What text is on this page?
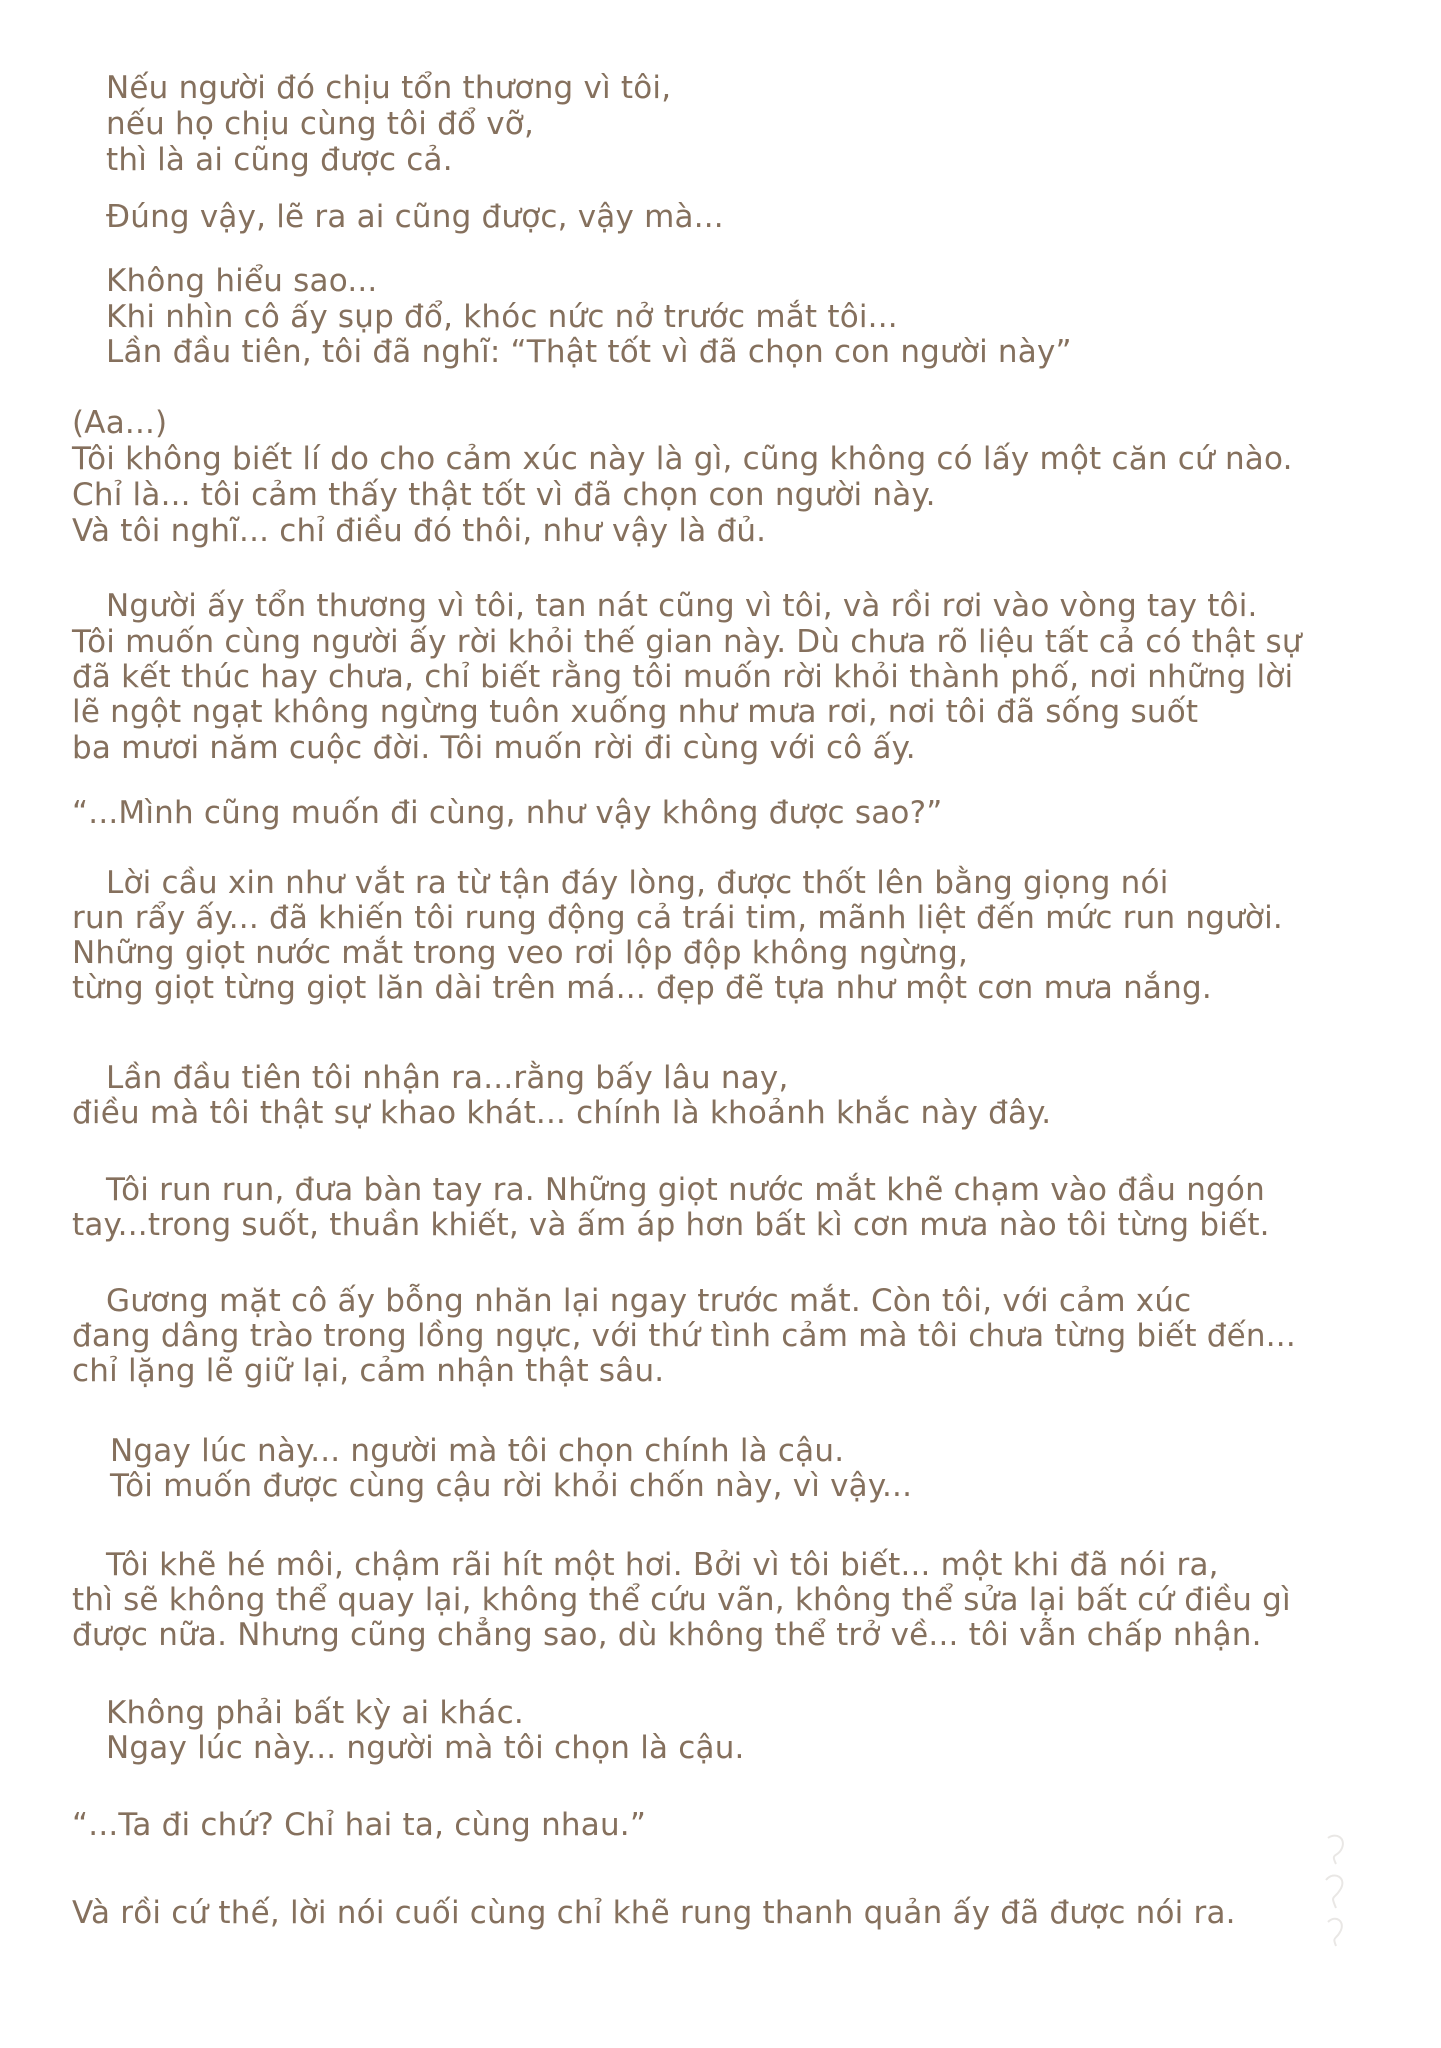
Nếu người đó chịu tổn thương vì tôi,

nếu họ chịu cùng tôi đổ vỡ,

thì là ai cũng được cả.

Đúng vậy, lẽ ra ai cũng được, vậy mà...

Không hiểu sao...

Khi nhìn cô ấy sụp đổ, khóc nức nở trước mắt tôi...

Lần đầu tiên, tôi đã nghĩ: “Thật tốt vì đã chọn con người này”

(Aa...)

Tôi không biết lí do cho cảm xúc này là gì, cũng không có lấy một căn cứ nào.

Chỉ là... tôi cảm thấy thật tốt vì đã chọn con người này.

Và tôi nghĩ... chỉ điều đó thôi, như vậy là đủ.

Người ấy tổn thương vì tôi, tan nát cũng vì tôi, và rồi rơi vào vòng tay tôi.

Tôi muốn cùng người ấy rời khỏi thế gian này. Dù chưa rõ liệu tất cả có thật sự

đã kết thúc hay chưa, chỉ biết rằng tôi muốn rời khỏi thành phố, nơi những lời

lẽ ngột ngạt không ngừng tuôn xuống như mưa rơi, nơi tôi đã sống suốt

ba mươi năm cuộc đời. Tôi muốn rời đi cùng với cô ấy.

“...Mình cũng muốn đi cùng, như vậy không được sao?”

Lời cầu xin như vắt ra từ tận đáy lòng, được thốt lên bằng giọng nói

run rẩy ấy... đã khiến tôi rung động cả trái tim, mãnh liệt đến mức run người.

Những giọt nước mắt trong veo rơi lộp độp không ngừng,

từng giọt từng giọt lăn dài trên má... đẹp đẽ tựa như một cơn mưa nắng.

Lần đầu tiên tôi nhận ra...rằng bấy lâu nay,

điều mà tôi thật sự khao khát... chính là khoảnh khắc này đây.

Tôi run run, đưa bàn tay ra. Những giọt nước mắt khẽ chạm vào đầu ngón

tay...trong suốt, thuần khiết, và ấm áp hơn bất kì cơn mưa nào tôi từng biết.

Gương mặt cô ấy bỗng nhăn lại ngay trước mắt. Còn tôi, với cảm xúc

đang dâng trào trong lồng ngực, với thứ tình cảm mà tôi chưa từng biết đến...

chỉ lặng lẽ giữ lại, cảm nhận thật sâu.

Ngay lúc này... người mà tôi chọn chính là cậu.

Tôi muốn được cùng cậu rời khỏi chốn này, vì vậy...

Tôi khẽ hé môi, chậm rãi hít một hơi. Bởi vì tôi biết... một khi đã nói ra,

thì sẽ không thể quay lại, không thể cứu vãn, không thể sửa lại bất cứ điều gì

được nữa. Nhưng cũng chẳng sao, dù không thể trở về... tôi vẫn chấp nhận.

Không phải bất kỳ ai khác.

Ngay lúc này... người mà tôi chọn là cậu.

“...Ta đi chứ? Chỉ hai ta, cùng nhau.”

Và rồi cứ thế, lời nói cuối cùng chỉ khẽ rung thanh quản ấy đã được nói ra.
